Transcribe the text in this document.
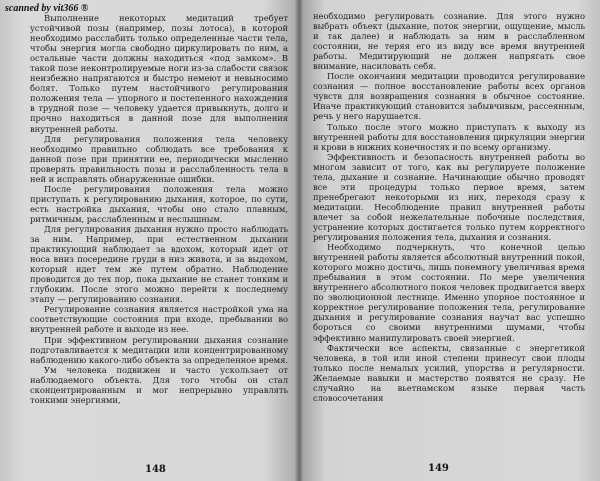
scanned by vit366 ®

Выполнение некоторых медитаций требует устойчивой позы (например, позы лотоса), в которой необходимо расслабить только определенные части тела, чтобы энергия могла свободно циркулировать по ним, а остальные части должны находиться «под замком». В такой позе неконтролируемые ноги из-за слабости связок неизбежно напрягаются и быстро немеют и невыносимо болят. Только путем настойчивого регулирования положения тела — упорного и постепенного нахождения в трудной позе — человеку удается привыкнуть, долго и прочно находиться в данной позе для выполнения внутренней работы.

Для регулирования положения тела человеку необходимо правильно соблюдать все требования к данной позе при принятии ее, периодически мысленно проверять правильность позы и расслабленность тела в ней и исправлять обнаруженные ошибки.

После регулирования положения тела можно приступать к регулированию дыхания, которое, по сути, есть настройка дыхания, чтобы оно стало плавным, ритмичным, расслабленным и неслышным.

Для регулирования дыхания нужно просто наблюдать за ним. Например, при естественном дыхании практикующий наблюдает за вдохом, который идет от носа вниз посередине груди в низ живота, и за выдохом, который идет тем же путем обратно. Наблюдение проводится до тех пор, пока дыхание не станет тонким и глубоким. После этого можно перейти к последнему этапу — регулированию сознания.

Регулирование сознания является настройкой ума на соответствующие состояния при входе, пребывании во внутренней работе и выходе из нее.

При эффективном регулировании дыхания сознание подготавливается к медитации или концентрированному наблюдению какого-либо объекта за определенное время.

Ум человека подвижен и часто ускользает от наблюдаемого объекта. Для того чтобы он стал сконцентрированным и мог непрерывно управлять тонкими энергиями,

148

необходимо регулировать сознание. Для этого нужно выбрать объект (дыхание, поток энергии, ощущение, мысль и так далее) и наблюдать за ним в расслабленном состоянии, не теряя его из виду все время внутренней работы. Медитирующий не должен напрягать свое внимание, насиловать себя.

После окончания медитации проводится регулирование сознания — полное восстановление работы всех органов чувств для возвращения сознания в обычное состояние. Иначе практикующий становится забывчивым, рассеянным, речь у него нарушается.

Только после этого можно приступать к выходу из внутренней работы для восстановления циркуляции энергии и крови в нижних конечностях и по всему организму.

Эффективность и безопасность внутренней работы во многом зависит от того, как вы регулируете положение тела, дыхание и сознание. Начинающие обычно проводят все эти процедуры только первое время, затем пренебрегают некоторыми из них, переходя сразу к медитации. Несоблюдение правил внутренней работы влечет за собой нежелательные побочные последствия, устранение которых достигается только путем корректного регулирования положения тела, дыхания и сознания.

Необходимо подчеркнуть, что конечной целью внутренней работы является абсолютный внутренний покой, которого можно достичь, лишь понемногу увеличивая время пребывания в этом состоянии. По мере увеличения внутреннего абсолютного покоя человек продвигается вверх по эволюционной лестнице. Именно упорное постоянное и корректное регулирование положения тела, регулирование дыхания и регулирование сознания научат вас успешно бороться со своими внутренними шумами, чтобы эффективно манипулировать своей энергией.

Фактически все аспекты, связанные с энергетикой человека, в той или иной степени принесут свои плоды только после немалых усилий, упорства и регулярности. Желаемые навыки и мастерство появятся не сразу. Не случайно на вьетнамском языке первая часть словосочетания

149
